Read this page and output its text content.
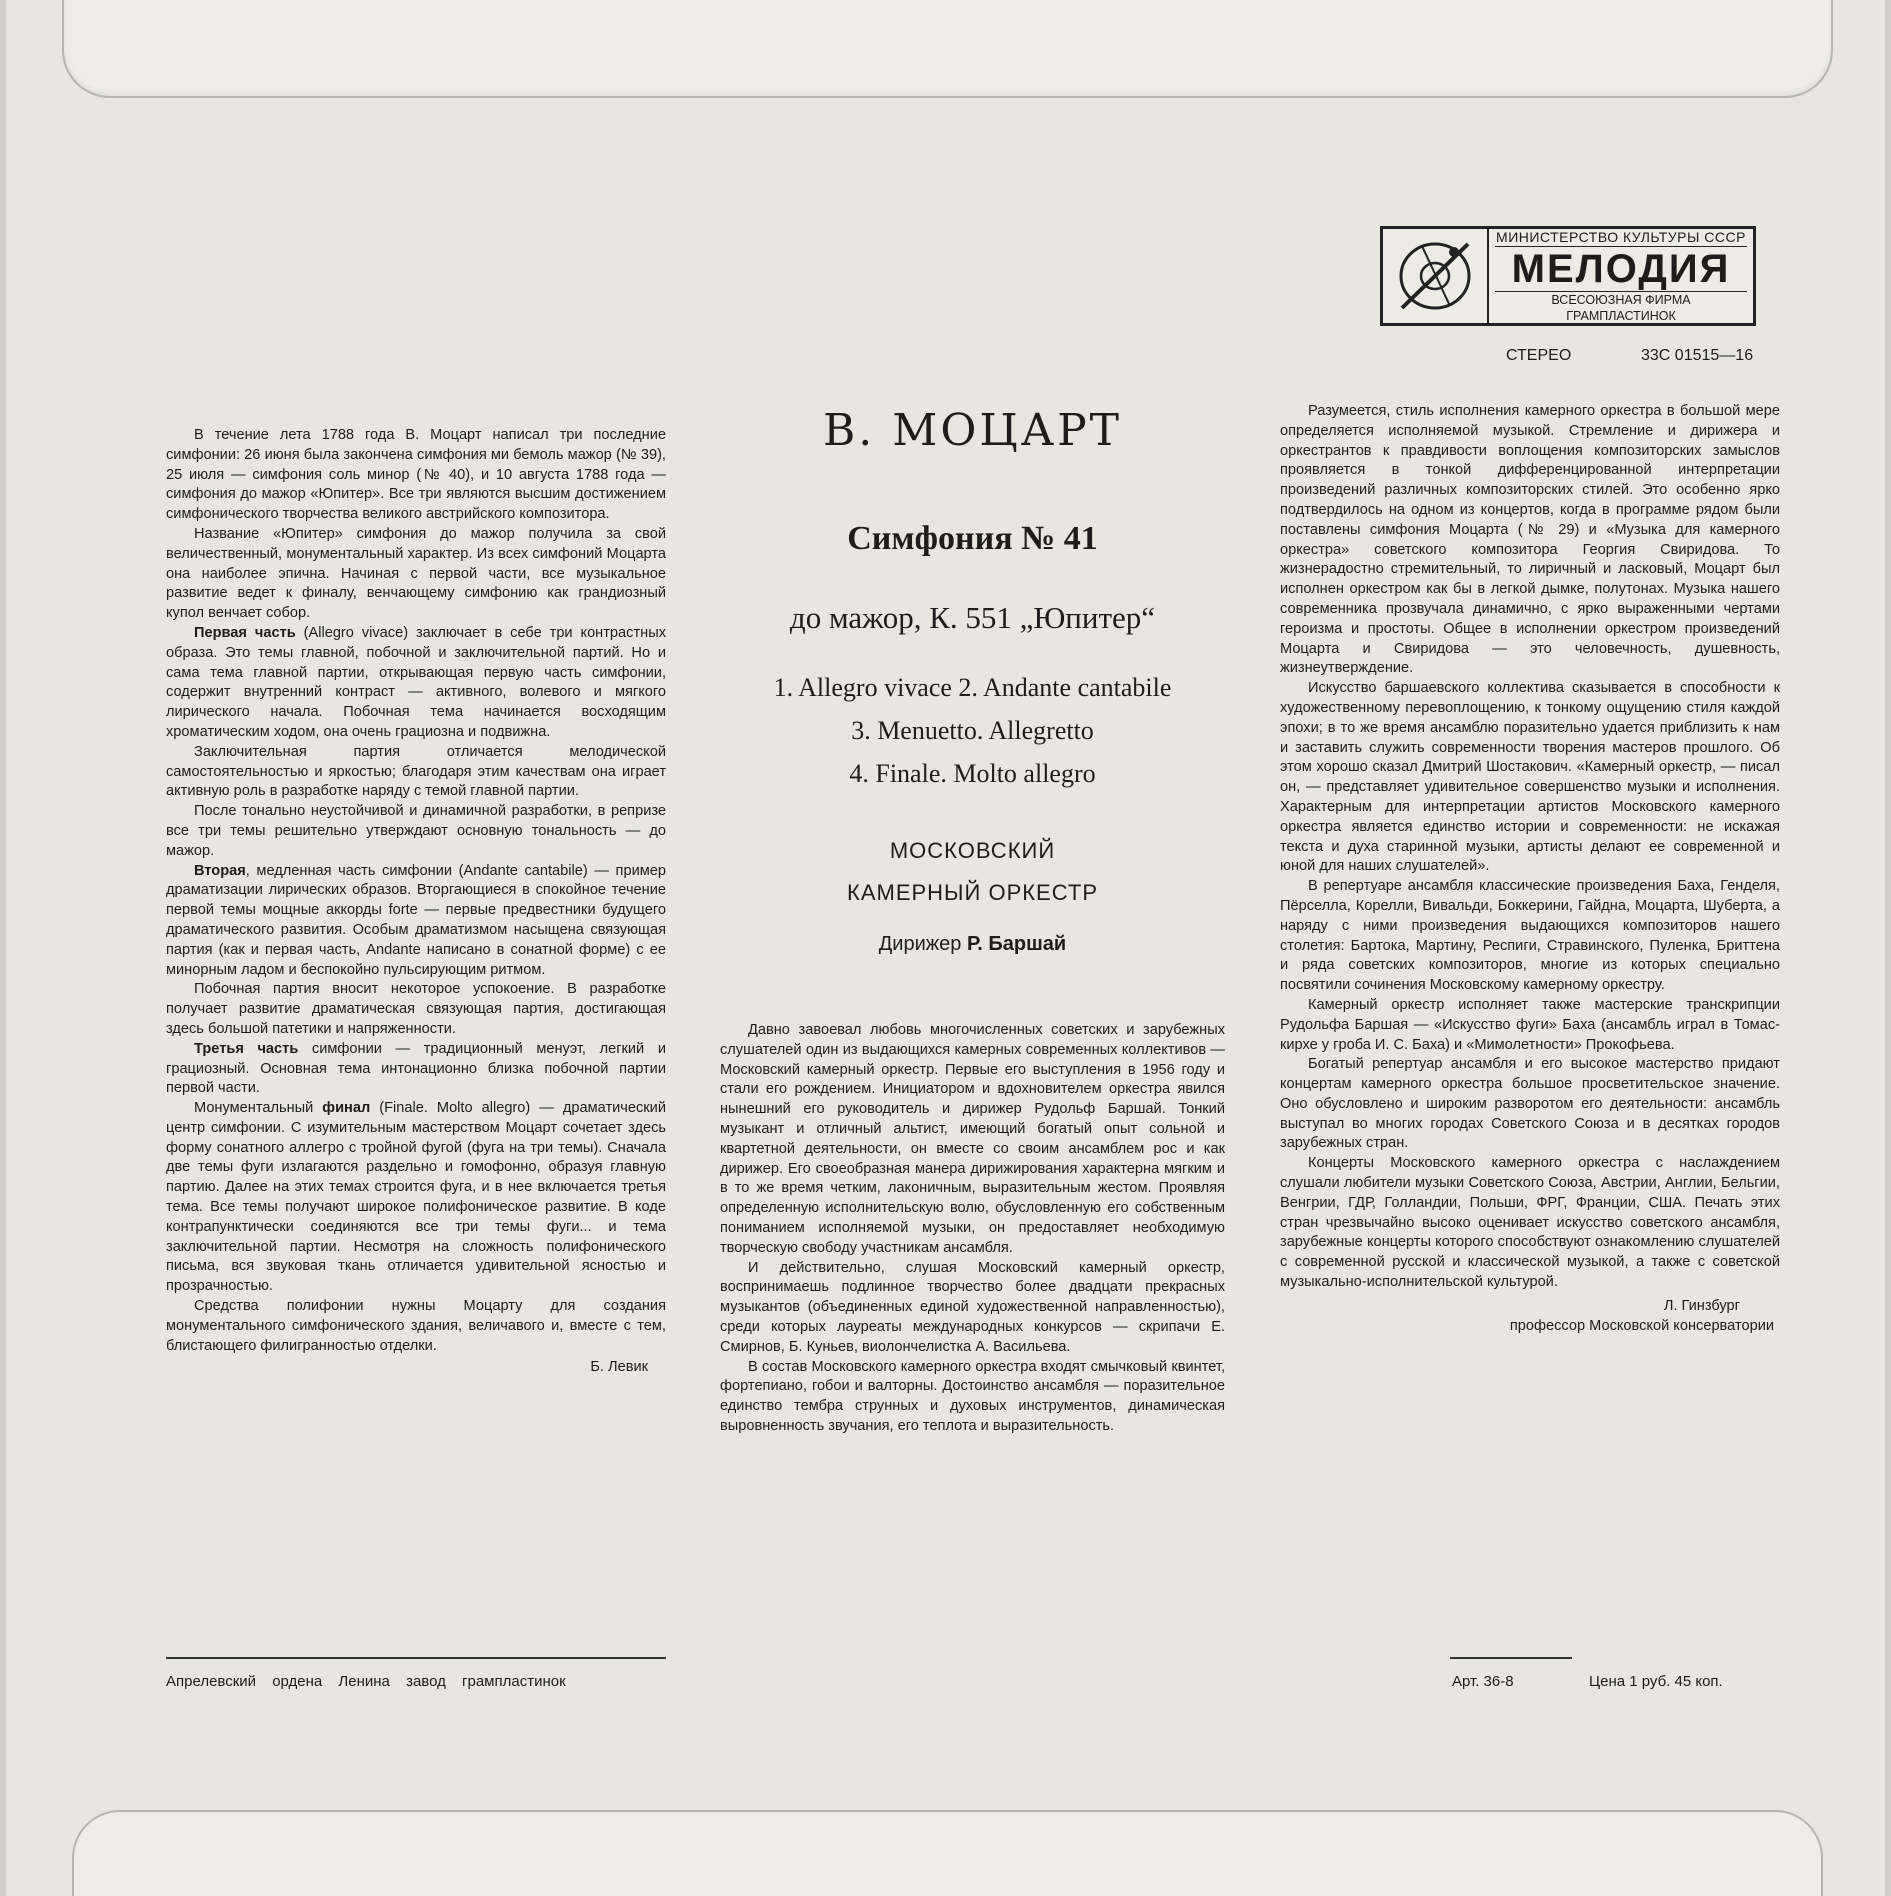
МИНИСТЕРСТВО КУЛЬТУРЫ СССР
МЕЛОДИЯ
ВСЕСОЮЗНАЯ ФИРМА ГРАМПЛАСТИНОК
СТЕРЕО	33С 01515—16

В течение лета 1788 года В. Моцарт написал три последние симфонии: 26 июня была закончена симфония ми бемоль мажор (№ 39), 25 июля — симфония соль минор (№ 40), и 10 августа 1788 года — симфония до мажор «Юпитер». Все три являются высшим достижением симфонического творчества великого австрийского композитора.

Название «Юпитер» симфония до мажор получила за свой величественный, монументальный характер. Из всех симфоний Моцарта она наиболее эпична. Начиная с первой части, все музыкальное развитие ведет к финалу, венчающему симфонию как грандиозный купол венчает собор.

Первая часть (Allegro vivace) заключает в себе три контрастных образа. Это темы главной, побочной и заключительной партий. Но и сама тема главной партии, открывающая первую часть симфонии, содержит внутренний контраст — активного, волевого и мягкого лирического начала. Побочная тема начинается восходящим хроматическим ходом, она очень грациозна и подвижна.

Заключительная партия отличается мелодической самостоятельностью и яркостью; благодаря этим качествам она играет активную роль в разработке наряду с темой главной партии.

После тонально неустойчивой и динамичной разработки, в репризе все три темы решительно утверждают основную тональность — до мажор.

Вторая, медленная часть симфонии (Andante cantabile) — пример драматизации лирических образов. Вторгающиеся в спокойное течение первой темы мощные аккорды forte — первые предвестники будущего драматического развития. Особым драматизмом насыщена связующая партия (как и первая часть, Andante написано в сонатной форме) с ее минорным ладом и беспокойно пульсирующим ритмом.

Побочная партия вносит некоторое успокоение. В разработке получает развитие драматическая связующая партия, достигающая здесь большой патетики и напряженности.

Третья часть симфонии — традиционный менуэт, легкий и грациозный. Основная тема интонационно близка побочной партии первой части.

Монументальный финал (Finale. Molto allegro) — драматический центр симфонии. С изумительным мастерством Моцарт сочетает здесь форму сонатного аллегро с тройной фугой (фуга на три темы). Сначала две темы фуги излагаются раздельно и гомофонно, образуя главную партию. Далее на этих темах строится фуга, и в нее включается третья тема. Все темы получают широкое полифоническое развитие. В коде контрапунктически соединяются все три темы фуги... и тема заключительной партии. Несмотря на сложность полифонического письма, вся звуковая ткань отличается удивительной ясностью и прозрачностью.

Средства полифонии нужны Моцарту для создания монументального симфонического здания, величавого и, вместе с тем, блистающего филигранностью отделки.

Б. Левик
В. МОЦАРТ
Симфония № 41
до мажор, К. 551 „Юпитер“
1. Allegro vivace 2. Andante cantabile
3. Menuetto. Allegretto
4. Finale. Molto allegro
МОСКОВСКИЙ
КАМЕРНЫЙ ОРКЕСТР
Дирижер Р. Баршай

Давно завоевал любовь многочисленных советских и зарубежных слушателей один из выдающихся камерных современных коллективов — Московский камерный оркестр. Первые его выступления в 1956 году и стали его рождением. Инициатором и вдохновителем оркестра явился нынешний его руководитель и дирижер Рудольф Баршай. Тонкий музыкант и отличный альтист, имеющий богатый опыт сольной и квартетной деятельности, он вместе со своим ансамблем рос и как дирижер. Его своеобразная манера дирижирования характерна мягким и в то же время четким, лаконичным, выразительным жестом. Проявляя определенную исполнительскую волю, обусловленную его собственным пониманием исполняемой музыки, он предоставляет необходимую творческую свободу участникам ансамбля.

И действительно, слушая Московский камерный оркестр, воспринимаешь подлинное творчество более двадцати прекрасных музыкантов (объединенных единой художественной направленностью), среди которых лауреаты международных конкурсов — скрипачи Е. Смирнов, Б. Куньев, виолончелистка А. Васильева.

В состав Московского камерного оркестра входят смычковый квинтет, фортепиано, гобои и валторны. Достоинство ансамбля — поразительное единство тембра струнных и духовых инструментов, динамическая выровненность звучания, его теплота и выразительность.

Разумеется, стиль исполнения камерного оркестра в большой мере определяется исполняемой музыкой. Стремление и дирижера и оркестрантов к правдивости воплощения композиторских замыслов проявляется в тонкой дифференцированной интерпретации произведений различных композиторских стилей. Это особенно ярко подтвердилось на одном из концертов, когда в программе рядом были поставлены симфония Моцарта (№ 29) и «Музыка для камерного оркестра» советского композитора Георгия Свиридова. То жизнерадостно стремительный, то лиричный и ласковый, Моцарт был исполнен оркестром как бы в легкой дымке, полутонах. Музыка нашего современника прозвучала динамично, с ярко выраженными чертами героизма и простоты. Общее в исполнении оркестром произведений Моцарта и Свиридова — это человечность, душевность, жизнеутверждение.

Искусство баршаевского коллектива сказывается в способности к художественному перевоплощению, к тонкому ощущению стиля каждой эпохи; в то же время ансамблю поразительно удается приблизить к нам и заставить служить современности творения мастеров прошлого. Об этом хорошо сказал Дмитрий Шостакович. «Камерный оркестр, — писал он, — представляет удивительное совершенство музыки и исполнения. Характерным для интерпретации артистов Московского камерного оркестра является единство истории и современности: не искажая текста и духа старинной музыки, артисты делают ее современной и юной для наших слушателей».

В репертуаре ансамбля классические произведения Баха, Генделя, Пёрселла, Корелли, Вивальди, Боккерини, Гайдна, Моцарта, Шуберта, а наряду с ними произведения выдающихся композиторов нашего столетия: Бартока, Мартину, Респиги, Стравинского, Пуленка, Бриттена и ряда советских композиторов, многие из которых специально посвятили сочинения Московскому камерному оркестру.

Камерный оркестр исполняет также мастерские транскрипции Рудольфа Баршая — «Искусство фуги» Баха (ансамбль играл в Томас-кирхе у гроба И. С. Баха) и «Мимолетности» Прокофьева.

Богатый репертуар ансамбля и его высокое мастерство придают концертам камерного оркестра большое просветительское значение. Оно обусловлено и широким разворотом его деятельности: ансамбль выступал во многих городах Советского Союза и в десятках городов зарубежных стран.

Концерты Московского камерного оркестра с наслаждением слушали любители музыки Советского Союза, Австрии, Англии, Бельгии, Венгрии, ГДР, Голландии, Польши, ФРГ, Франции, США. Печать этих стран чрезвычайно высоко оценивает искусство советского ансамбля, зарубежные концерты которого способствуют ознакомлению слушателей с современной русской и классической музыкой, а также с советской музыкально-исполнительской культурой.

Л. Гинзбург
профессор Московской консерватории
Апрелевский ордена Ленина завод грампластинок	Арт. 36-8	Цена 1 руб. 45 коп.
